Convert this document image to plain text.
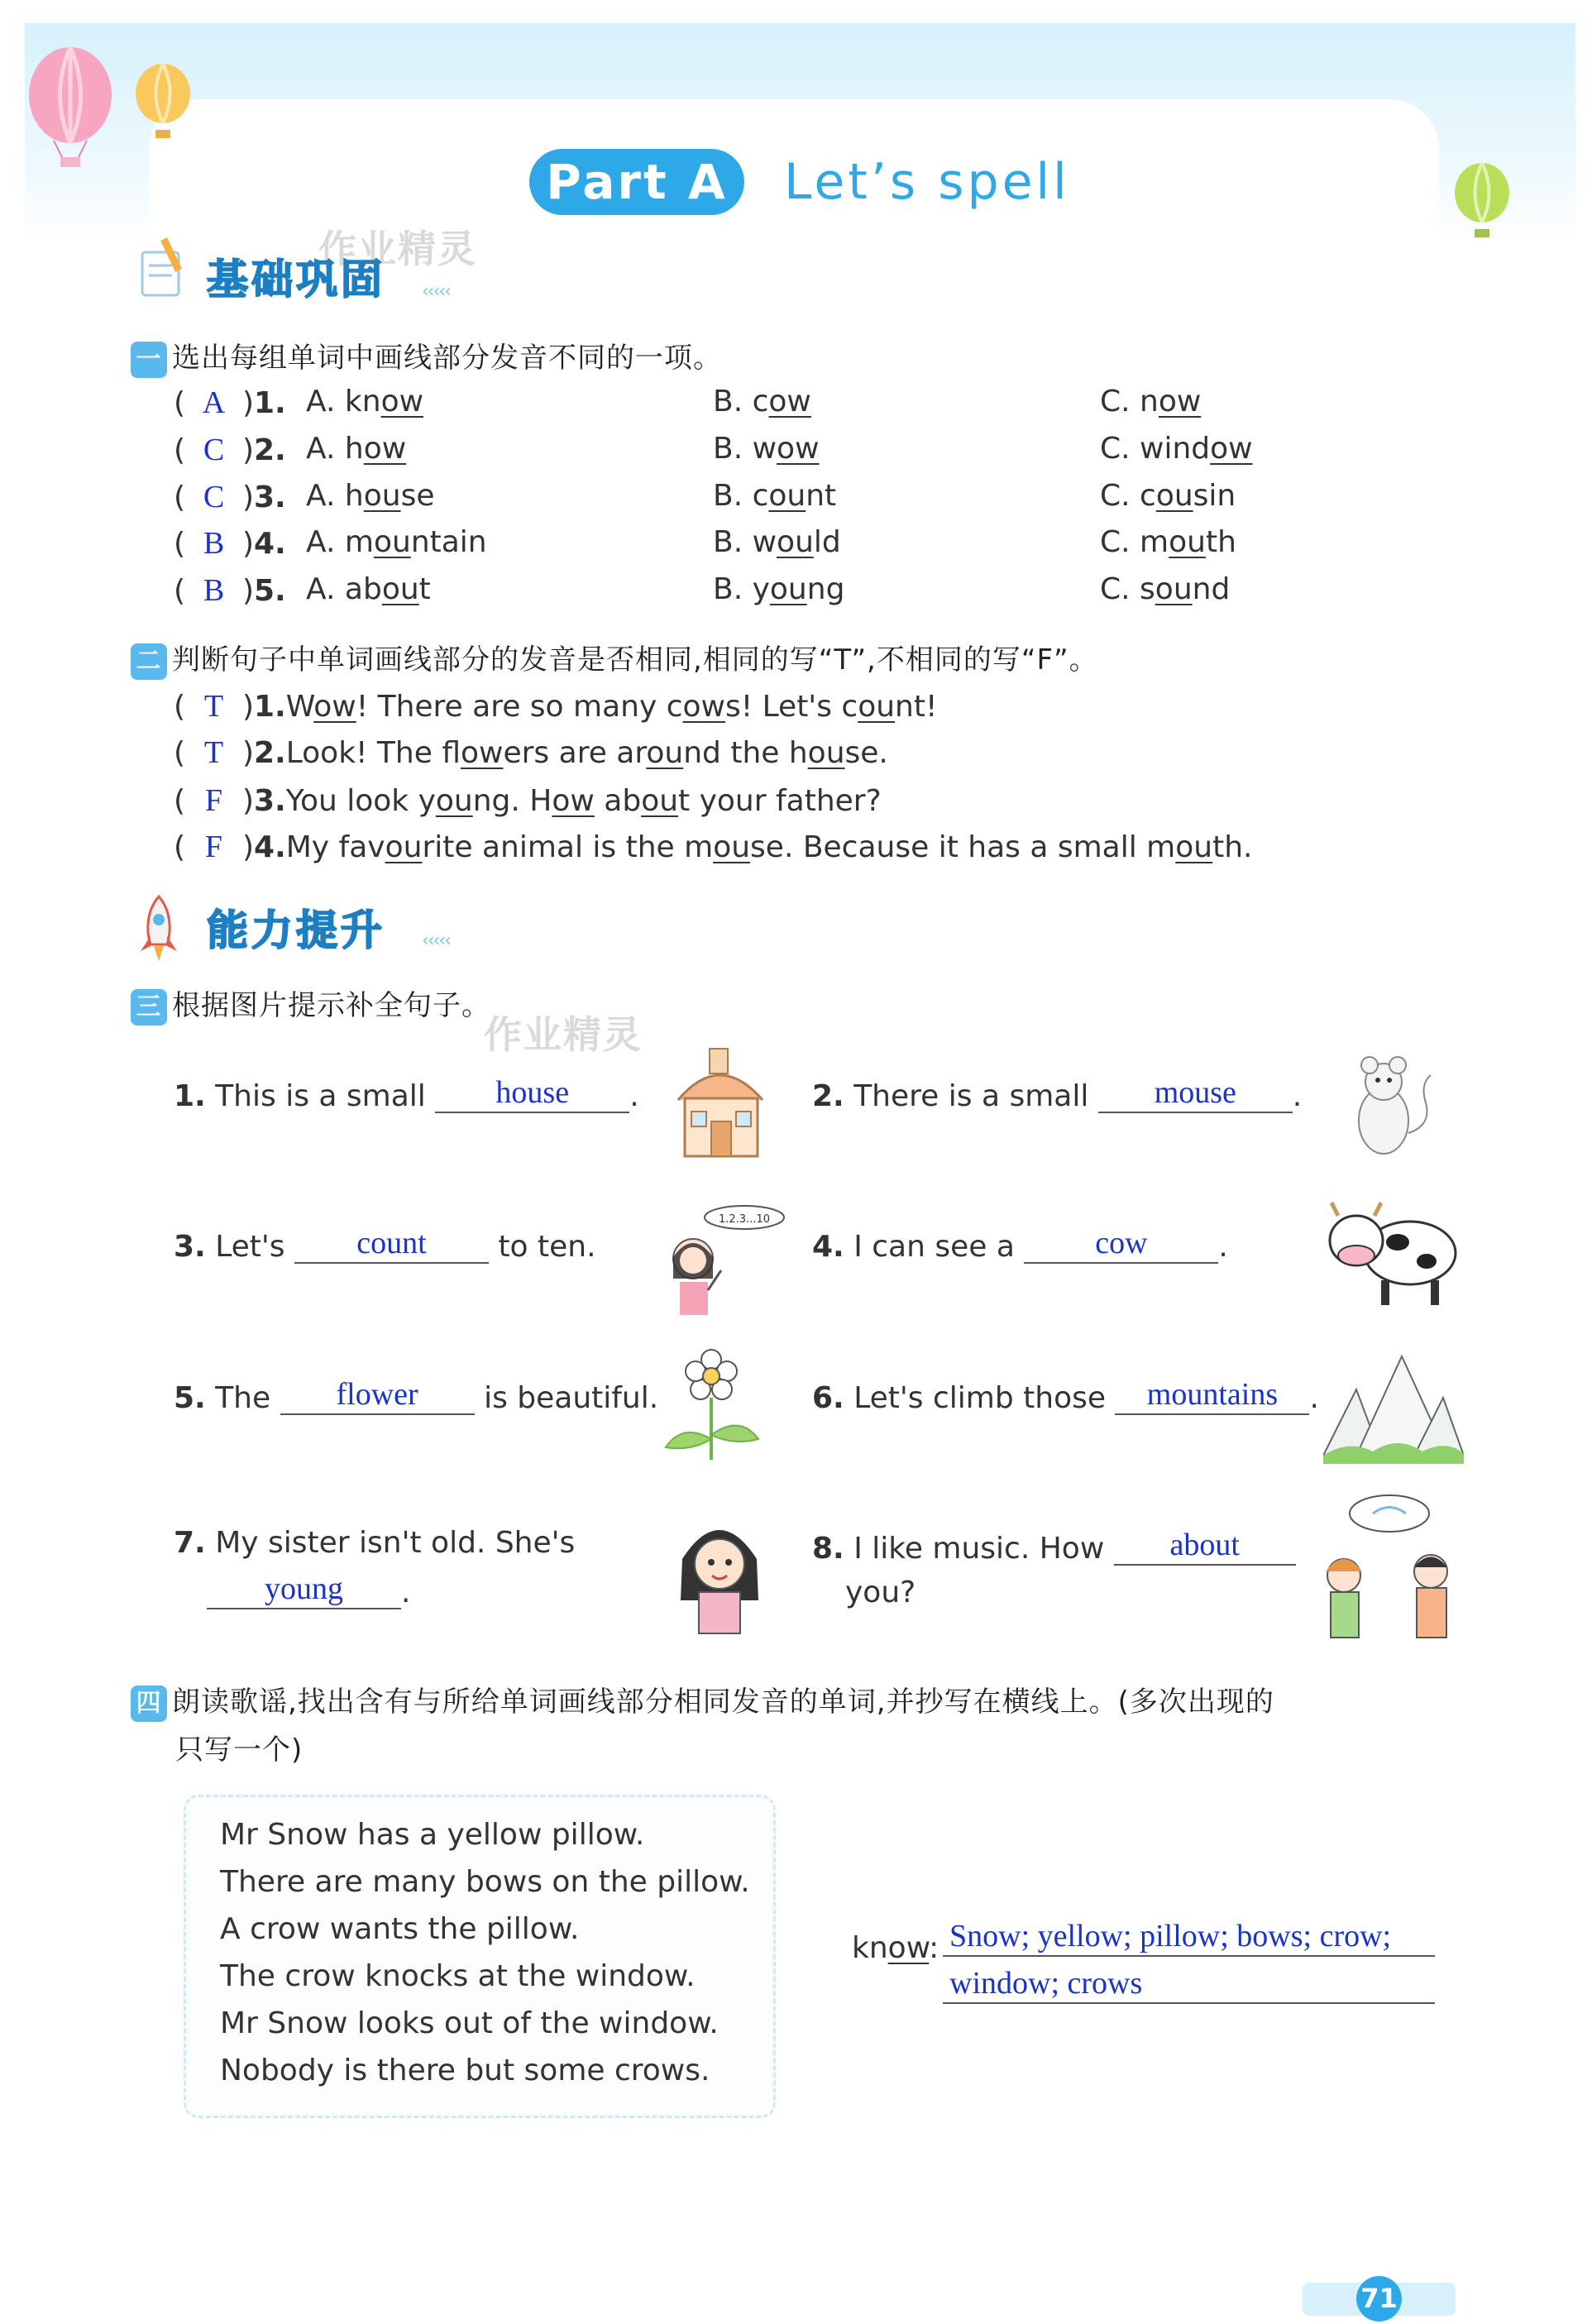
Part A	Let’s spell
基础巩固 ‹‹‹‹‹
作业精灵
一 选出每组单词中画线部分发音不同的一项。
( A )1. A. know	B. cow	C. now
( C )2. A. how	B. wow	C. window
( C )3. A. house	B. count	C. cousin
( B )4. A. mountain	B. would	C. mouth
( B )5. A. about	B. young	C. sound
二 判断句子中单词画线部分的发音是否相同,相同的写“T”,不相同的写“F”。
( T )1.Wow! There are so many cows! Let's count!
( T )2.Look! The flowers are around the house.
( F )3.You look young. How about your father?
( F )4.My favourite animal is the mouse. Because it has a small mouth.
能力提升 ‹‹‹‹‹
三 根据图片提示补全句子。
作业精灵
1. This is a small house .	2. There is a small mouse .
3. Let's count to ten.
1.2.3...10
4. I can see a	cow .
5. The flower is beautiful.	6. Let's climb those mountains .
7. My sister isn't old. She's
young .
8. I like music. How about
you?
四 朗读歌谣,找出含有与所给单词画线部分相同发音的单词,并抄写在横线上。(多次出现的
只写一个)
Mr Snow has a yellow pillow.
There are many bows on the pillow.
A crow wants the pillow.
The crow knocks at the window.
Mr Snow looks out of the window.
Nobody is there but some crows.
know: Snow; yellow; pillow; bows; crow;
window; crows
71
